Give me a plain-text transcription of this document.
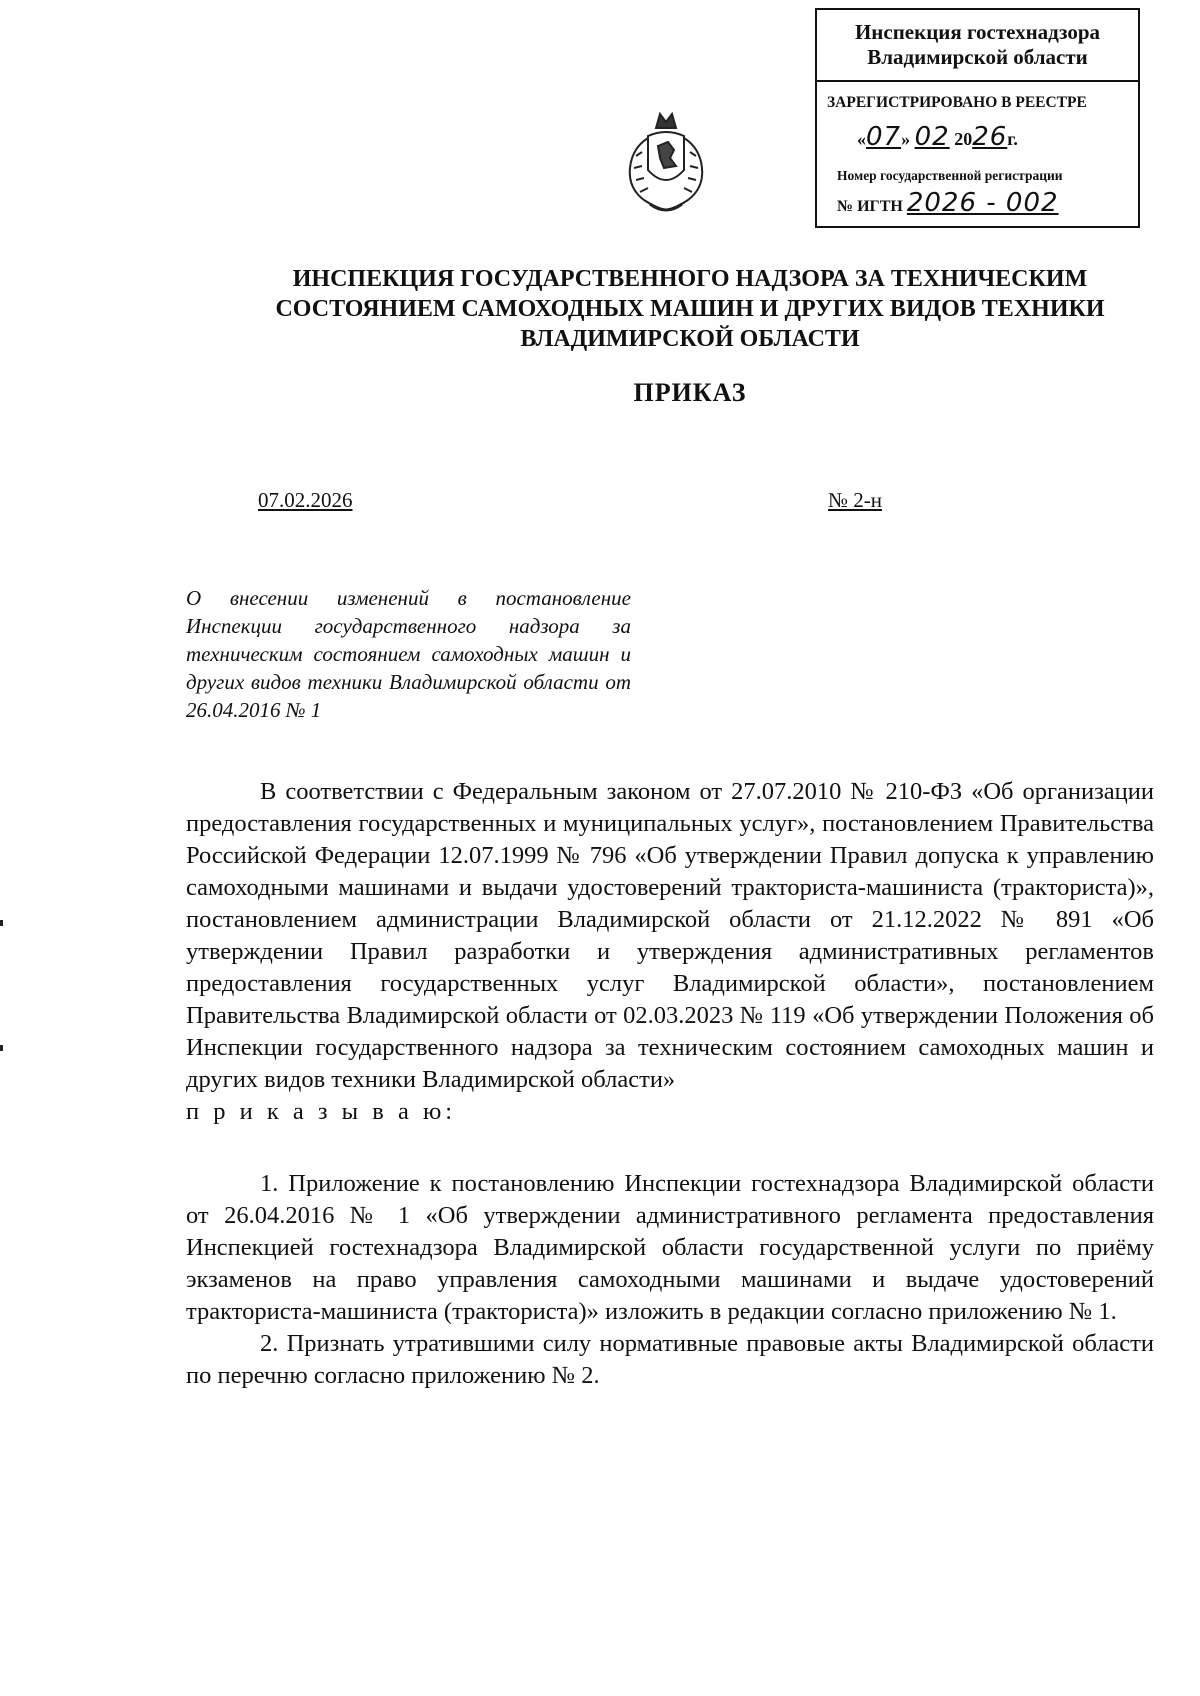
Инспекция гостехнадзора Владимирской области
ЗАРЕГИСТРИРОВАНО В РЕЕСТРЕ
«07» 02 2026г.
Номер государственной регистрации
№ ИГТН 2026 - 002
ИНСПЕКЦИЯ ГОСУДАРСТВЕННОГО НАДЗОРА ЗА ТЕХНИЧЕСКИМ СОСТОЯНИЕМ САМОХОДНЫХ МАШИН И ДРУГИХ ВИДОВ ТЕХНИКИ ВЛАДИМИРСКОЙ ОБЛАСТИ
ПРИКАЗ
07.02.2026	№ 2-н
О внесении изменений в постановление Инспекции государственного надзора за техническим состоянием самоходных машин и других видов техники Владимирской области от 26.04.2016 № 1

В соответствии с Федеральным законом от 27.07.2010 № 210-ФЗ «Об организации предоставления государственных и муниципальных услуг», постановлением Правительства Российской Федерации 12.07.1999 № 796 «Об утверждении Правил допуска к управлению самоходными машинами и выдачи удостоверений тракториста-машиниста (тракториста)», постановлением администрации Владимирской области от 21.12.2022 № 891 «Об утверждении Правил разработки и утверждения административных регламентов предоставления государственных услуг Владимирской области», постановлением Правительства Владимирской области от 02.03.2023 № 119 «Об утверждении Положения об Инспекции государственного надзора за техническим состоянием самоходных машин и других видов техники Владимирской области»

п р и к а з ы в а ю:

1. Приложение к постановлению Инспекции гостехнадзора Владимирской области от 26.04.2016 № 1 «Об утверждении административного регламента предоставления Инспекцией гостехнадзора Владимирской области государственной услуги по приёму экзаменов на право управления самоходными машинами и выдаче удостоверений тракториста-машиниста (тракториста)» изложить в редакции согласно приложению № 1.

2. Признать утратившими силу нормативные правовые акты Владимирской области по перечню согласно приложению № 2.
